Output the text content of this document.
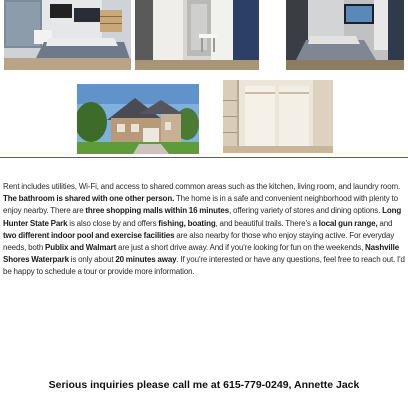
Rent includes utilities, Wi-Fi, and access to shared common areas such as the kitchen, living room, and laundry room. The bathroom is shared with one other person. The home is in a safe and convenient neighborhood with plenty to enjoy nearby. There are three shopping malls within 16 minutes, offering variety of stores and dining options. Long Hunter State Park is also close by and offers fishing, boating, and beautiful trails. There's a local gun range, and two different indoor pool and exercise facilities are also nearby for those who enjoy staying active. For everyday needs, both Publix and Walmart are just a short drive away. And if you're looking for fun on the weekends, Nashville Shores Waterpark is only about 20 minutes away. If you're interested or have any questions, feel free to reach out. I'd be happy to schedule a tour or provide more information.
Serious inquiries please call me at 615-779-0249, Annette Jack
